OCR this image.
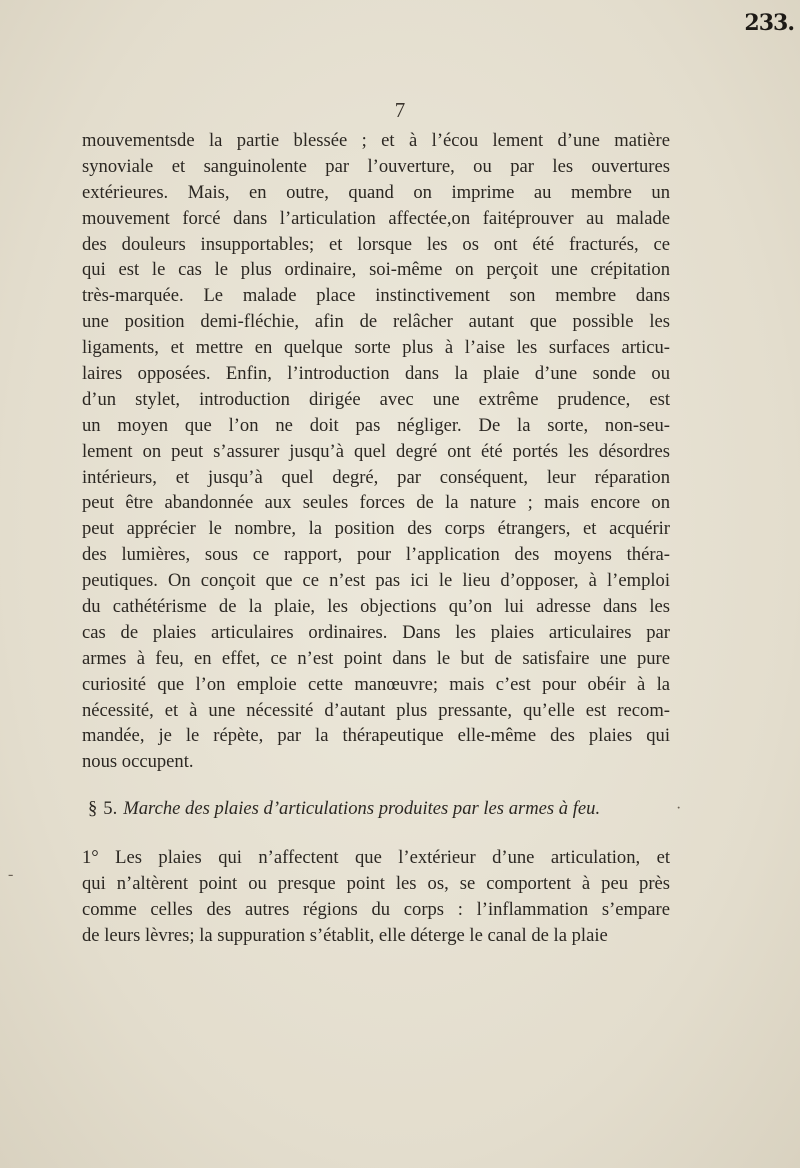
233.
7
mouvementsde la partie blessée ; et à l’écou lement d’une matière
synoviale et sanguinolente par l’ouverture, ou par les ouvertures
extérieures. Mais, en outre, quand on imprime au membre un
mouvement forcé dans l’articulation affectée,on faitéprouver au malade
des douleurs insupportables; et lorsque les os ont été fracturés, ce
qui est le cas le plus ordinaire, soi-même on perçoit une crépitation
très-marquée. Le malade place instinctivement son membre dans
une position demi-fléchie, afin de relâcher autant que possible les
ligaments, et mettre en quelque sorte plus à l’aise les surfaces articu-
laires opposées. Enfin, l’introduction dans la plaie d’une sonde ou
d’un stylet, introduction dirigée avec une extrême prudence, est
un moyen que l’on ne doit pas négliger. De la sorte, non-seu-
lement on peut s’assurer jusqu’à quel degré ont été portés les désordres
intérieurs, et jusqu’à quel degré, par conséquent, leur réparation
peut être abandonnée aux seules forces de la nature ; mais encore on
peut apprécier le nombre, la position des corps étrangers, et acquérir
des lumières, sous ce rapport, pour l’application des moyens théra-
peutiques. On conçoit que ce n’est pas ici le lieu d’opposer, à l’emploi
du cathétérisme de la plaie, les objections qu’on lui adresse dans les
cas de plaies articulaires ordinaires. Dans les plaies articulaires par
armes à feu, en effet, ce n’est point dans le but de satisfaire une pure
curiosité que l’on emploie cette manœuvre; mais c’est pour obéir à la
nécessité, et à une nécessité d’autant plus pressante, qu’elle est recom-
mandée, je le répète, par la thérapeutique elle-même des plaies qui
nous occupent.
§ 5. Marche des plaies d’articulations produites par les armes à feu.
1° Les plaies qui n’affectent que l’extérieur d’une articulation, et
qui n’altèrent point ou presque point les os, se comportent à peu près
comme celles des autres régions du corps : l’inflammation s’empare
de leurs lèvres; la suppuration s’établit, elle déterge le canal de la plaie
-
·
